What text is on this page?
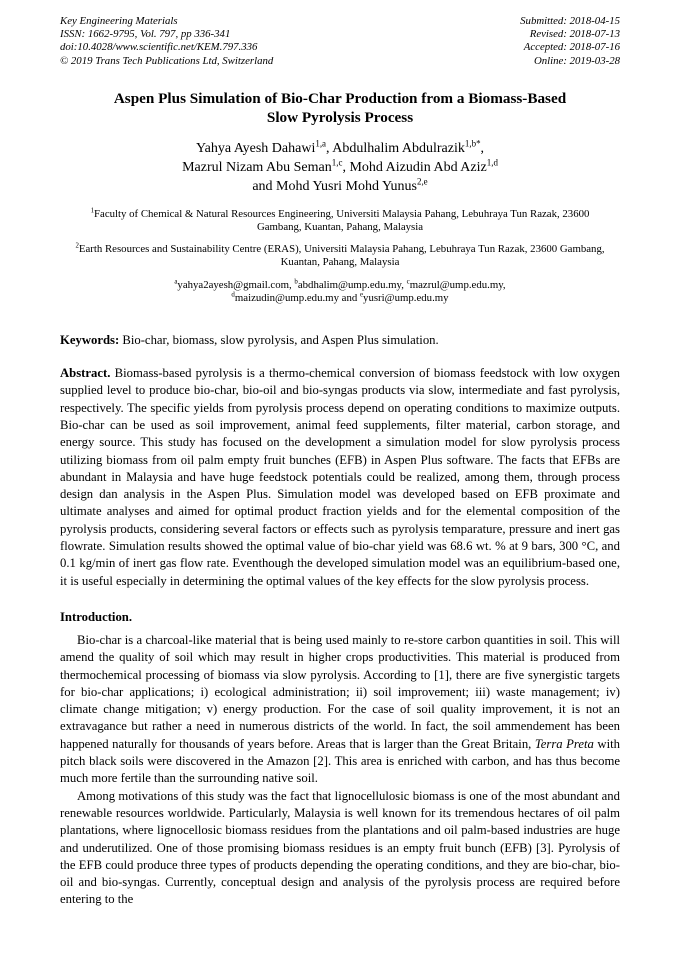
Key Engineering Materials
ISSN: 1662-9795, Vol. 797, pp 336-341
doi:10.4028/www.scientific.net/KEM.797.336
© 2019 Trans Tech Publications Ltd, Switzerland
Submitted: 2018-04-15
Revised: 2018-07-13
Accepted: 2018-07-16
Online: 2019-03-28
Aspen Plus Simulation of Bio-Char Production from a Biomass-Based
Slow Pyrolysis Process
Yahya Ayesh Dahawi$^{1,a}$, Abdulhalim Abdulrazik$^{1,b*}$,
Mazrul Nizam Abu Seman$^{1,c}$, Mohd Aizudin Abd Aziz$^{1,d}$
and Mohd Yusri Mohd Yunus$^{2,e}$

$^1$Faculty of Chemical & Natural Resources Engineering, Universiti Malaysia Pahang, Lebuhraya Tun Razak, 23600 Gambang, Kuantan, Pahang, Malaysia

$^2$Earth Resources and Sustainability Centre (ERAS), Universiti Malaysia Pahang, Lebuhraya Tun Razak, 23600 Gambang, Kuantan, Pahang, Malaysia

$^a$yahya2ayesh@gmail.com, $^b$abdhalim@ump.edu.my, $^c$mazrul@ump.edu.my,
$^d$maizudin@ump.edu.my and $^e$yusri@ump.edu.my

Keywords: Bio-char, biomass, slow pyrolysis, and Aspen Plus simulation.

Abstract. Biomass-based pyrolysis is a thermo-chemical conversion of biomass feedstock with low oxygen supplied level to produce bio-char, bio-oil and bio-syngas products via slow, intermediate and fast pyrolysis, respectively. The specific yields from pyrolysis process depend on operating conditions to maximize outputs. Bio-char can be used as soil improvement, animal feed supplements, filter material, carbon storage, and energy source. This study has focused on the development a simulation model for slow pyrolysis process utilizing biomass from oil palm empty fruit bunches (EFB) in Aspen Plus software. The facts that EFBs are abundant in Malaysia and have huge feedstock potentials could be realized, among them, through process design dan analysis in the Aspen Plus. Simulation model was developed based on EFB proximate and ultimate analyses and aimed for optimal product fraction yields and for the elemental composition of the pyrolysis products, considering several factors or effects such as pyrolysis temparature, pressure and inert gas flowrate. Simulation results showed the optimal value of bio-char yield was 68.6 wt. % at 9 bars, 300 °C, and 0.1 kg/min of inert gas flow rate. Eventhough the developed simulation model was an equilibrium-based one, it is useful especially in determining the optimal values of the key effects for the slow pyrolysis process.

Introduction.

Bio-char is a charcoal-like material that is being used mainly to re-store carbon quantities in soil. This will amend the quality of soil which may result in higher crops productivities. This material is produced from thermochemical processing of biomass via slow pyrolysis. According to [1], there are five synergistic targets for bio-char applications; i) ecological administration; ii) soil improvement; iii) waste management; iv) climate change mitigation; v) energy production. For the case of soil quality improvement, it is not an extravagance but rather a need in numerous districts of the world. In fact, the soil ammendement has been happened naturally for thousands of years before. Areas that is larger than the Great Britain, Terra Preta with pitch black soils were discovered in the Amazon [2]. This area is enriched with carbon, and has thus become much more fertile than the surrounding native soil.

Among motivations of this study was the fact that lignocellulosic biomass is one of the most abundant and renewable resources worldwide. Particularly, Malaysia is well known for its tremendous hectares of oil palm plantations, where lignocellosic biomass residues from the plantations and oil palm-based industries are huge and underutilized. One of those promising biomass residues is an empty fruit bunch (EFB) [3]. Pyrolysis of the EFB could produce three types of products depending the operating conditions, and they are bio-char, bio-oil and bio-syngas. Currently, conceptual design and analysis of the pyrolysis process are required before entering to the
